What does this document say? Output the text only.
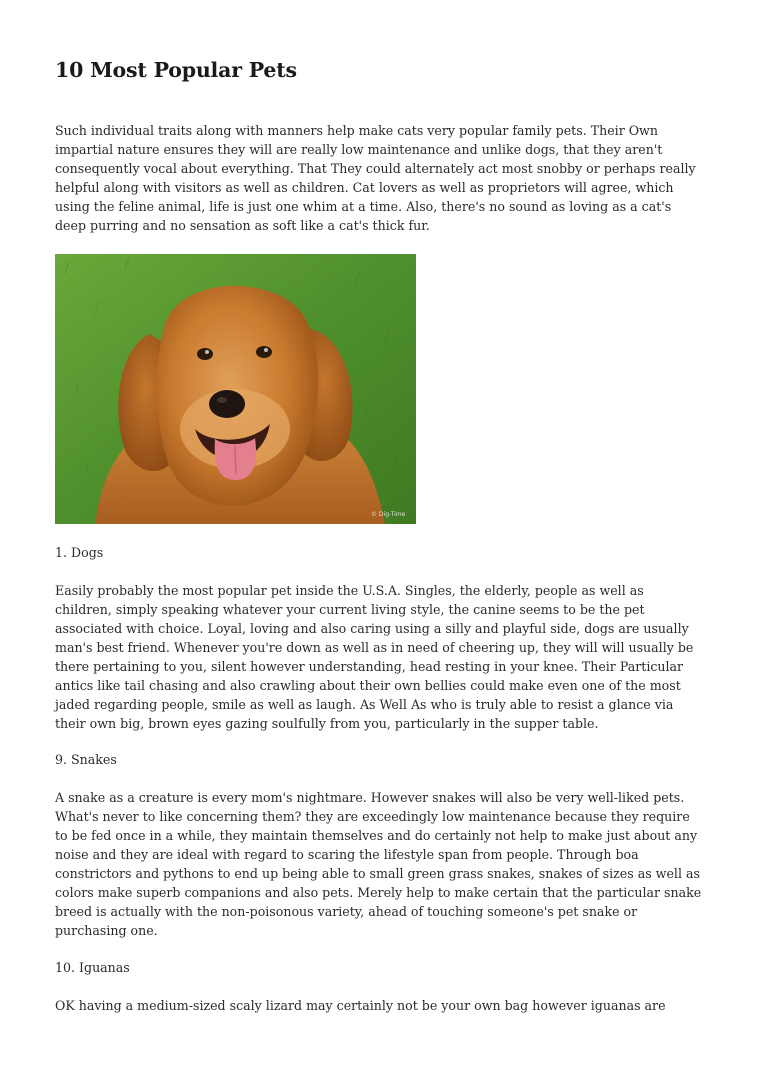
10 Most Popular Pets
Such individual traits along with manners help make cats very popular family pets. Their Own
impartial nature ensures they will are really low maintenance and unlike dogs, that they aren't
consequently vocal about everything. That They could alternately act most snobby or perhaps really
helpful along with visitors as well as children. Cat lovers as well as proprietors will agree, which
using the feline animal, life is just one whim at a time. Also, there's no sound as loving as a cat's
deep purring and no sensation as soft like a cat's thick fur.
© Dig-Time

1. Dogs

Easily probably the most popular pet inside the U.S.A. Singles, the elderly, people as well as
children, simply speaking whatever your current living style, the canine seems to be the pet
associated with choice. Loyal, loving and also caring using a silly and playful side, dogs are usually
man's best friend. Whenever you're down as well as in need of cheering up, they will will usually be
there pertaining to you, silent however understanding, head resting in your knee. Their Particular
antics like tail chasing and also crawling about their own bellies could make even one of the most
jaded regarding people, smile as well as laugh. As Well As who is truly able to resist a glance via
their own big, brown eyes gazing soulfully from you, particularly in the supper table.

9. Snakes

A snake as a creature is every mom's nightmare. However snakes will also be very well-liked pets.
What's never to like concerning them? they are exceedingly low maintenance because they require
to be fed once in a while, they maintain themselves and do certainly not help to make just about any
noise and they are ideal with regard to scaring the lifestyle span from people. Through boa
constrictors and pythons to end up being able to small green grass snakes, snakes of sizes as well as
colors make superb companions and also pets. Merely help to make certain that the particular snake
breed is actually with the non-poisonous variety, ahead of touching someone's pet snake or
purchasing one.

10. Iguanas

OK having a medium-sized scaly lizard may certainly not be your own bag however iguanas are
